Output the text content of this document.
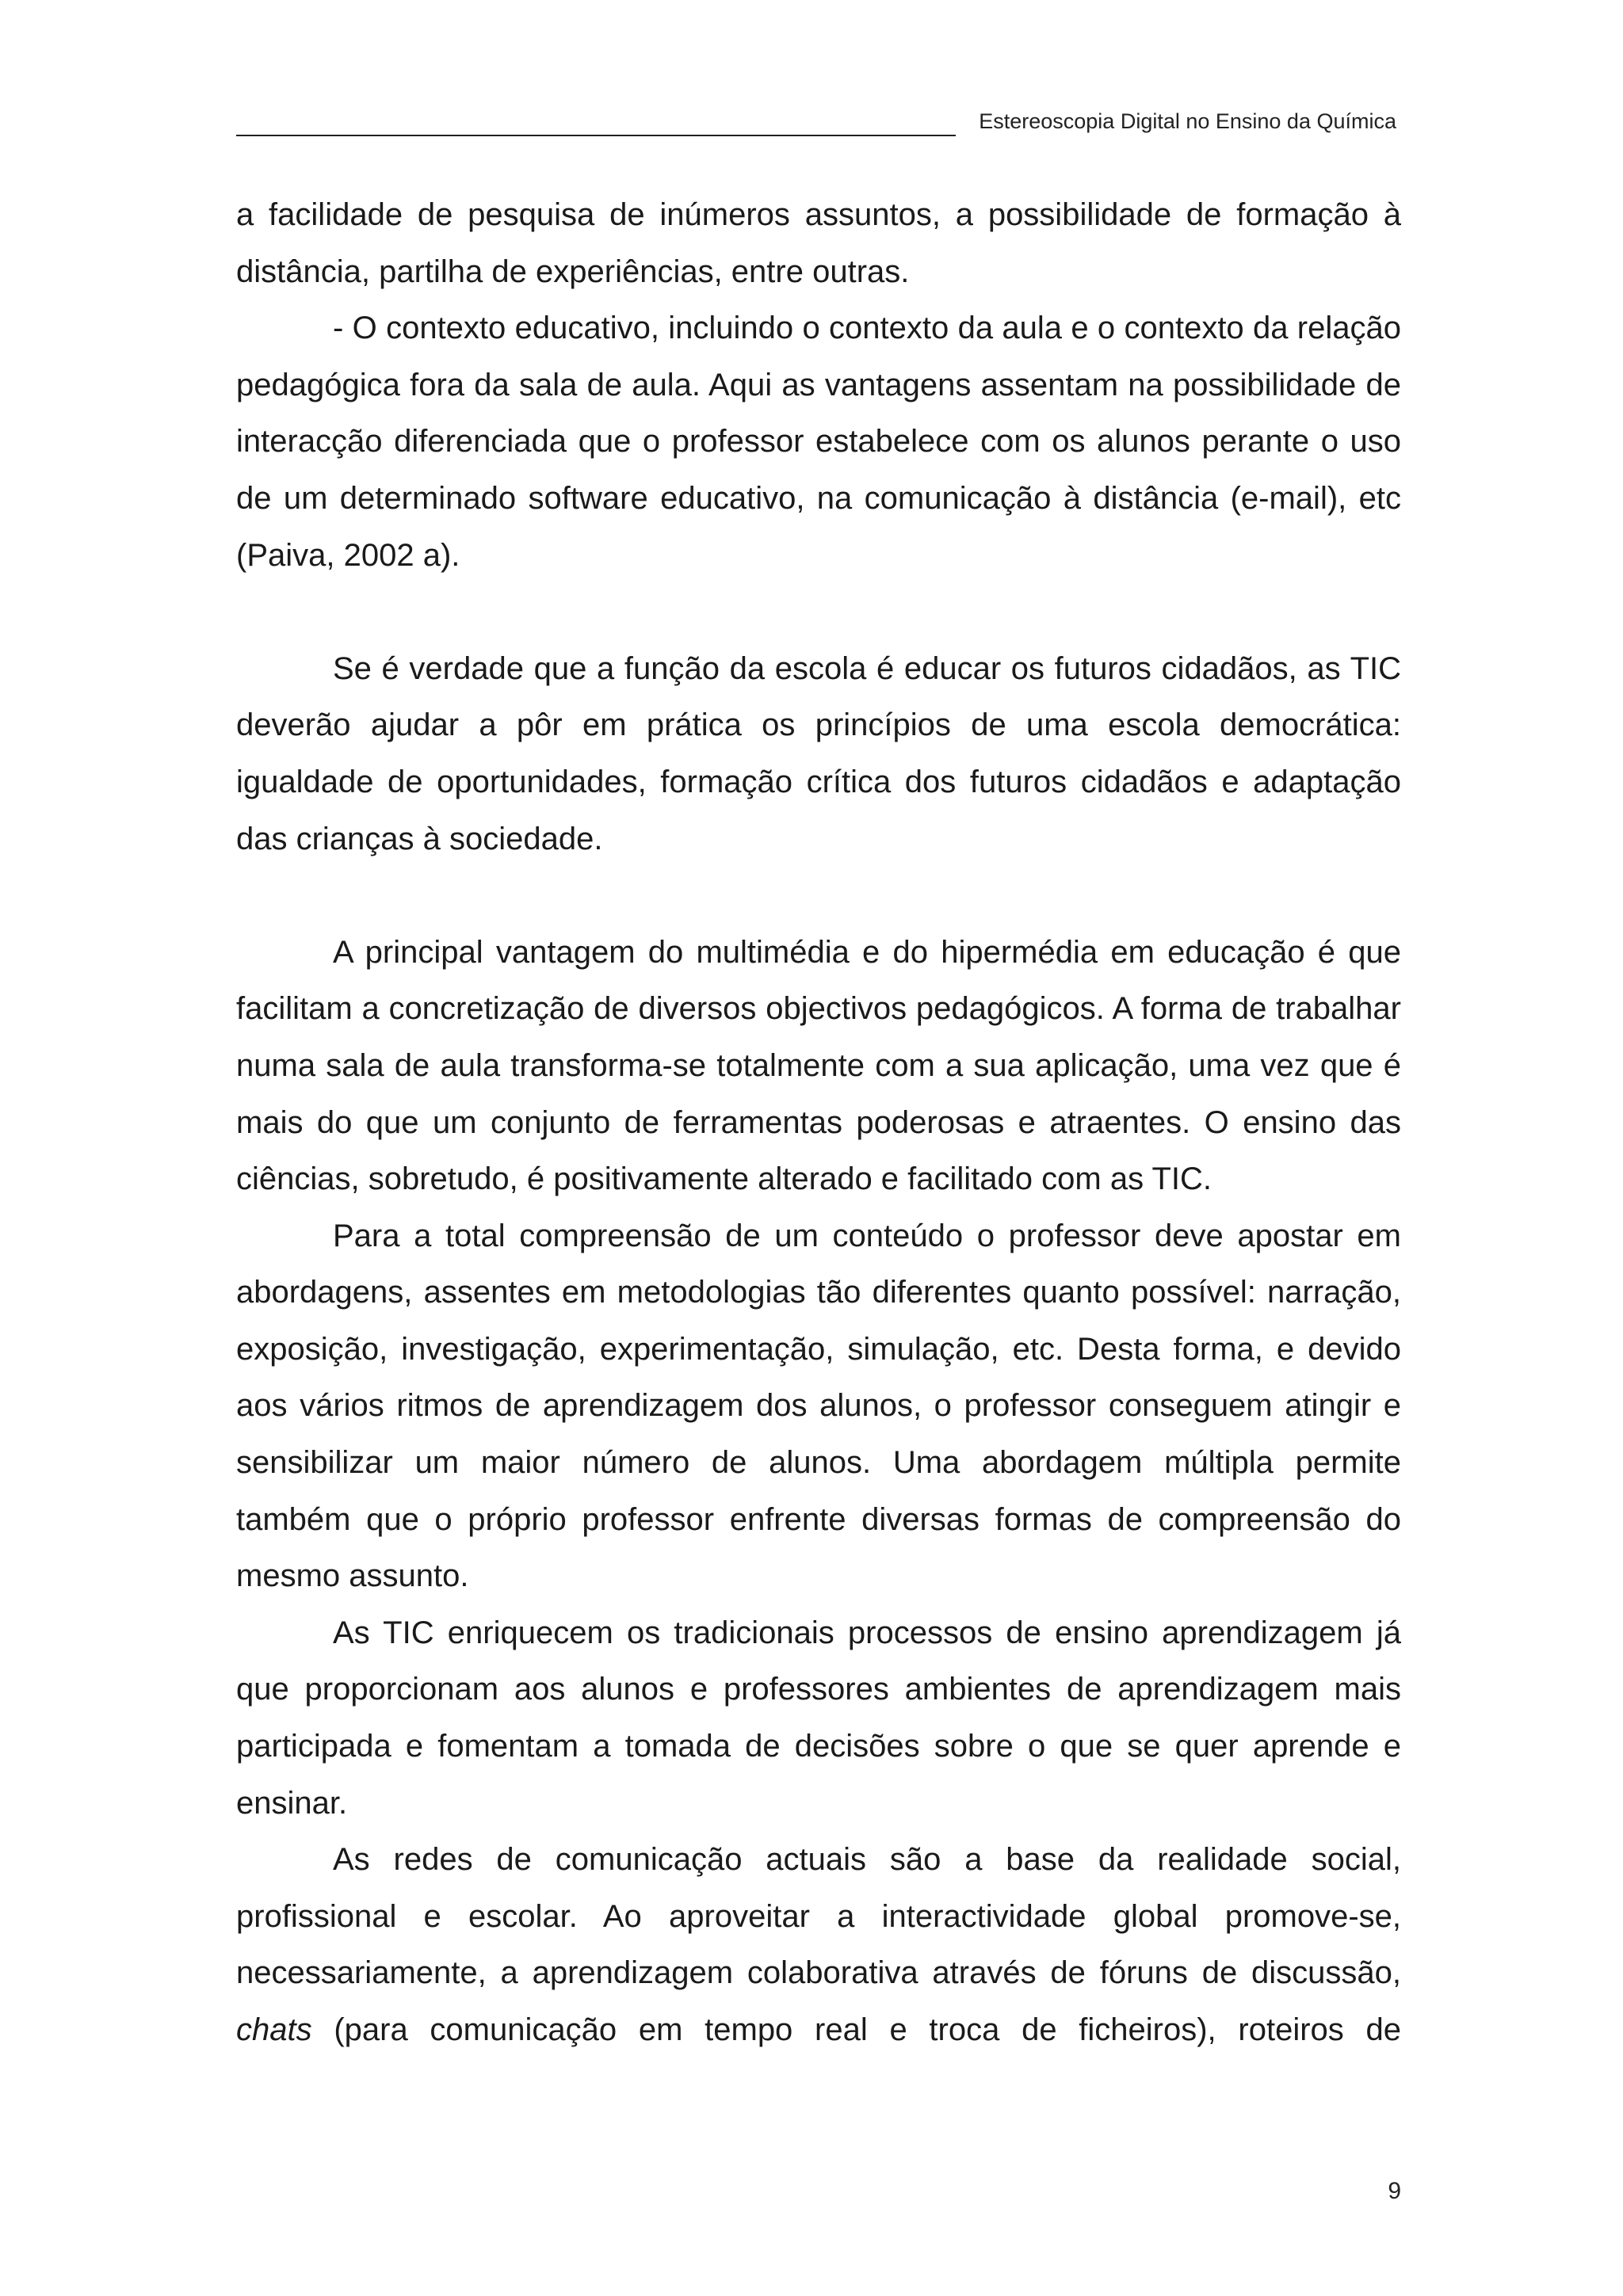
Estereoscopia Digital no Ensino da Química

a facilidade de pesquisa de inúmeros assuntos, a possibilidade de formação à distância, partilha de experiências, entre outras.

- O contexto educativo, incluindo o contexto da aula e o contexto da relação pedagógica fora da sala de aula. Aqui as vantagens assentam na possibilidade de interacção diferenciada que o professor estabelece com os alunos perante o uso de um determinado software educativo, na comunicação à distância (e-mail), etc (Paiva, 2002 a).

Se é verdade que a função da escola é educar os futuros cidadãos, as TIC deverão ajudar a pôr em prática os princípios de uma escola democrática: igualdade de oportunidades, formação crítica dos futuros cidadãos e adaptação das crianças à sociedade.

A principal vantagem do multimédia e do hipermédia em educação é que facilitam a concretização de diversos objectivos pedagógicos. A forma de trabalhar numa sala de aula transforma-se totalmente com a sua aplicação, uma vez que é mais do que um conjunto de ferramentas poderosas e atraentes. O ensino das ciências, sobretudo, é positivamente alterado e facilitado com as TIC.

Para a total compreensão de um conteúdo o professor deve apostar em abordagens, assentes em metodologias tão diferentes quanto possível: narração, exposição, investigação, experimentação, simulação, etc. Desta forma, e devido aos vários ritmos de aprendizagem dos alunos, o professor conseguem atingir e sensibilizar um maior número de alunos. Uma abordagem múltipla permite também que o próprio professor enfrente diversas formas de compreensão do mesmo assunto.

As TIC enriquecem os tradicionais processos de ensino aprendizagem já que proporcionam aos alunos e professores ambientes de aprendizagem mais participada e fomentam a tomada de decisões sobre o que se quer aprende e ensinar.

As redes de comunicação actuais são a base da realidade social, profissional e escolar. Ao aproveitar a interactividade global promove-se, necessariamente, a aprendizagem colaborativa através de fóruns de discussão, chats (para comunicação em tempo real e troca de ficheiros), roteiros de

9
